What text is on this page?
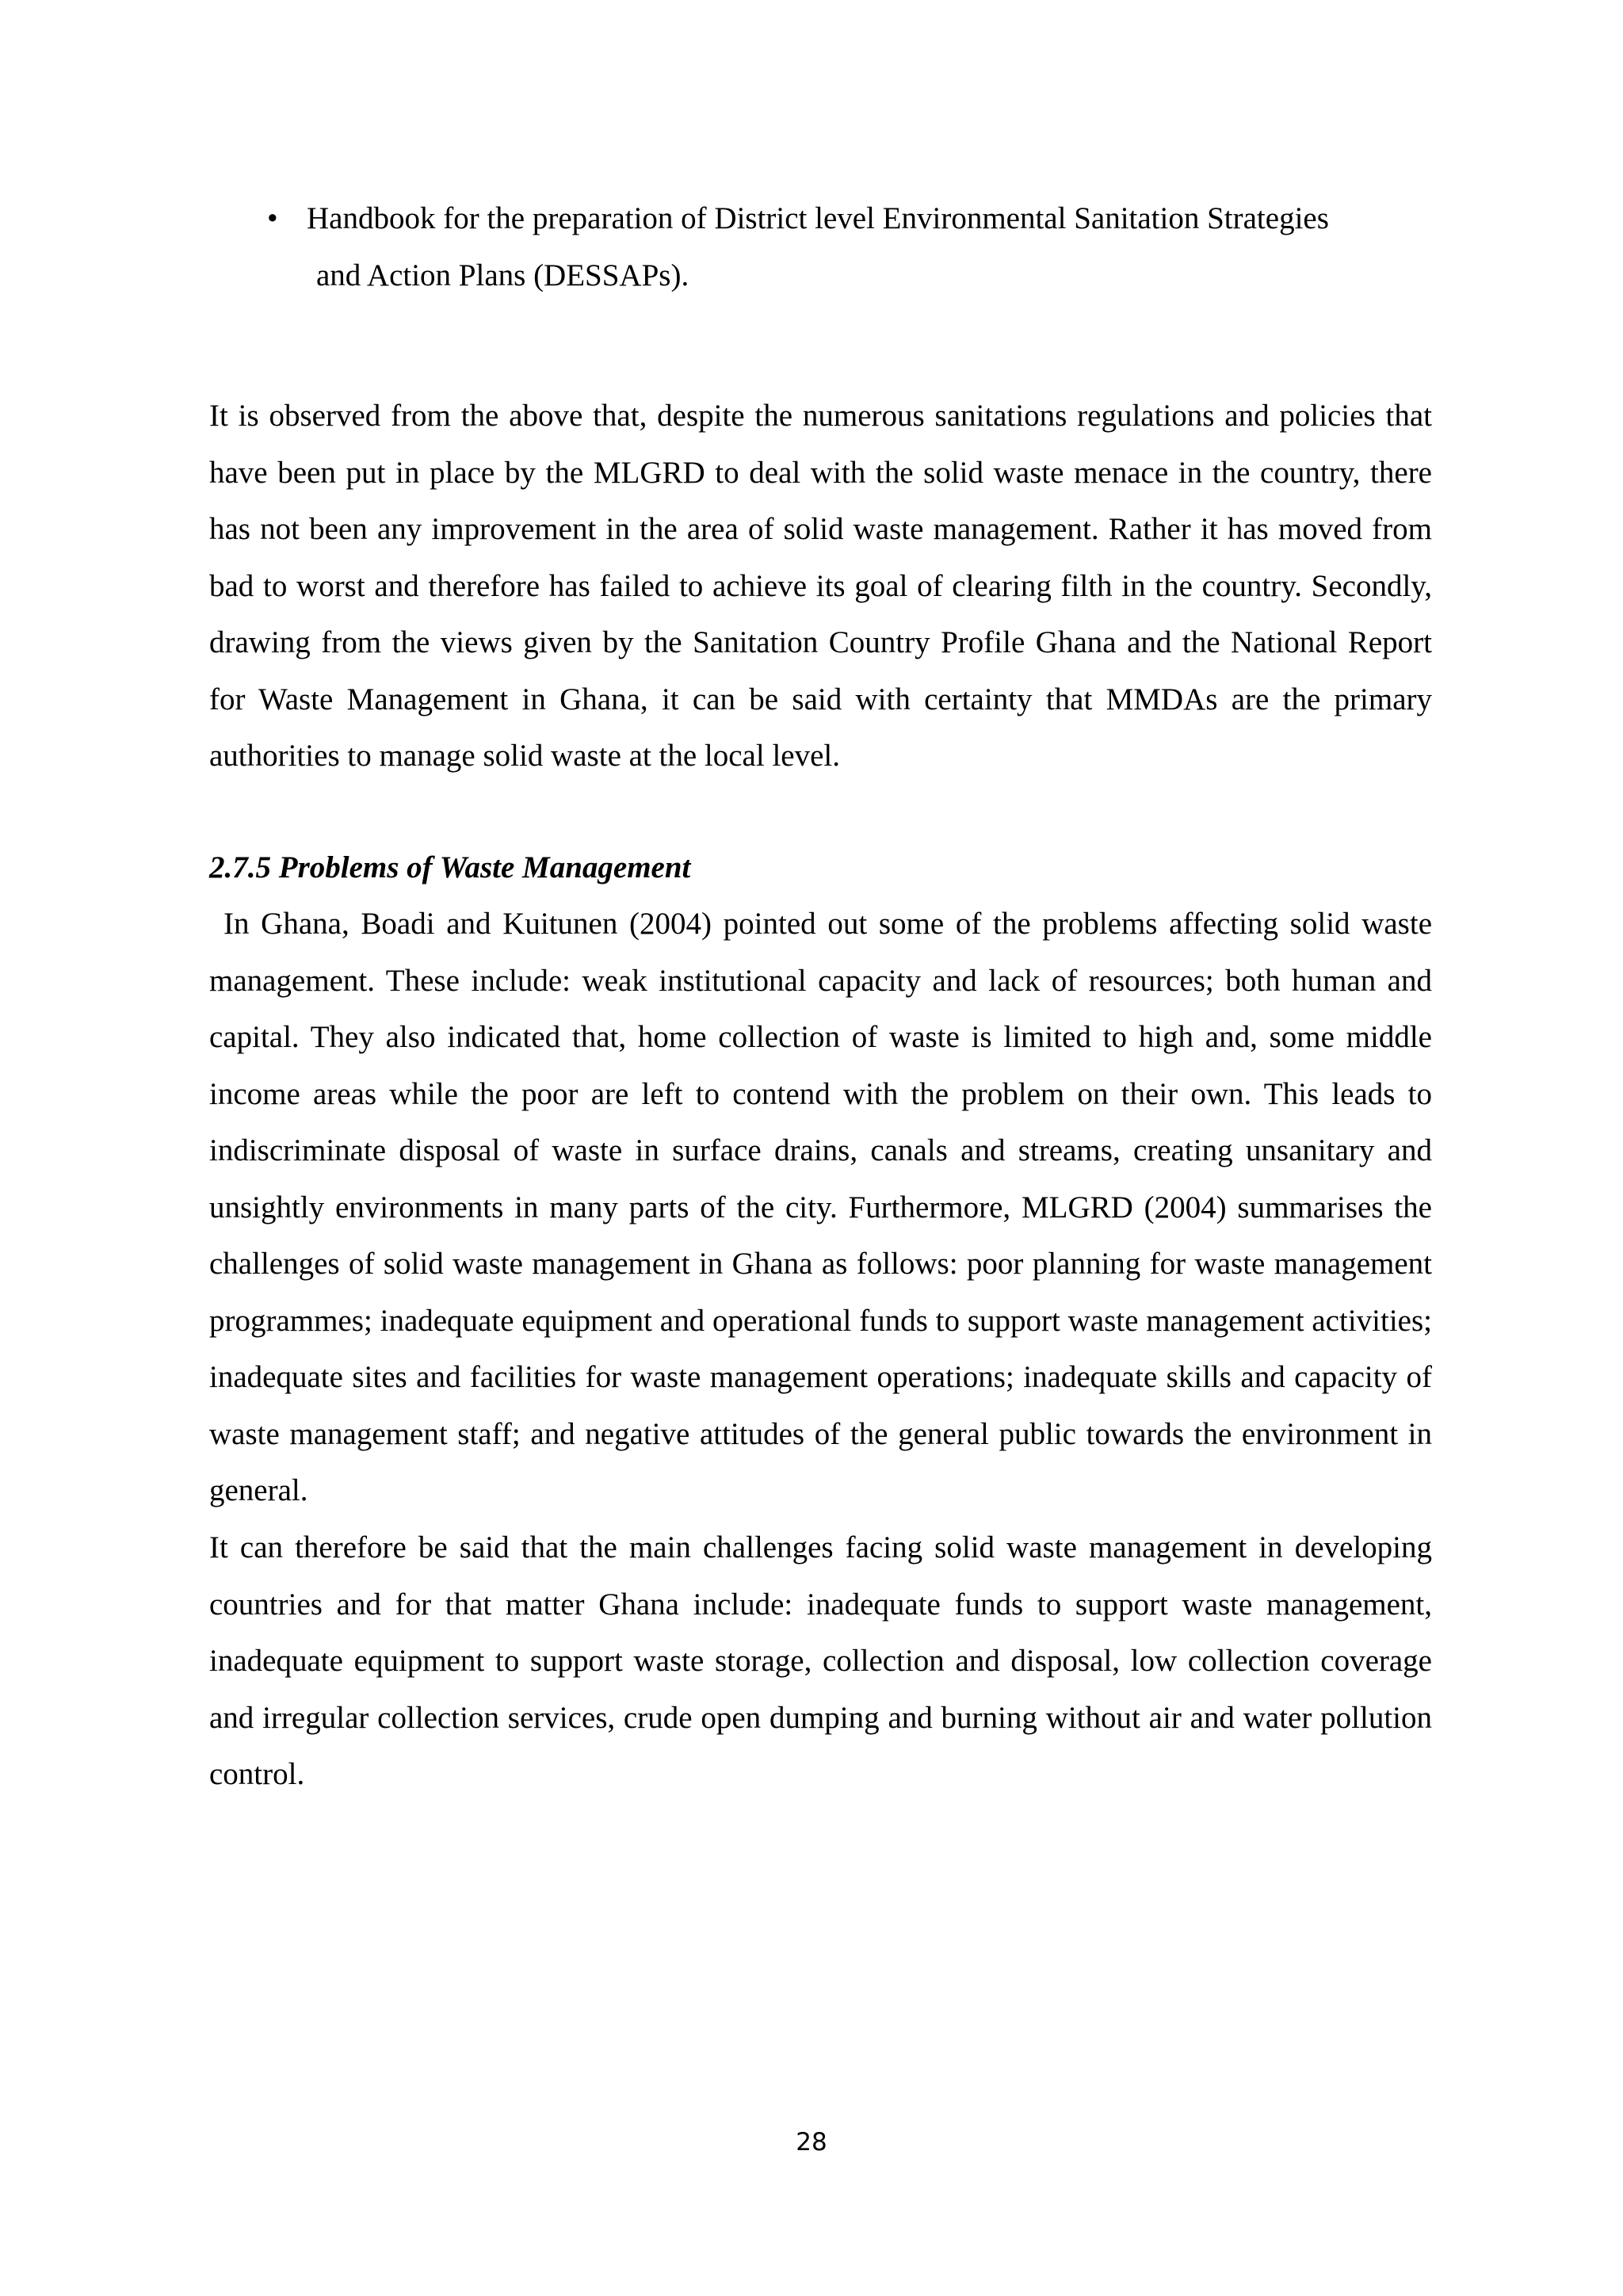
• Handbook for the preparation of District level Environmental Sanitation Strategies
and Action Plans (DESSAPs).

It is observed from the above that, despite the numerous sanitations regulations and policies that have been put in place by the MLGRD to deal with the solid waste menace in the country, there has not been any improvement in the area of solid waste management. Rather it has moved from bad to worst and therefore has failed to achieve its goal of clearing filth in the country. Secondly, drawing from the views given by the Sanitation Country Profile Ghana and the National Report for Waste Management in Ghana, it can be said with certainty that MMDAs are the primary authorities to manage solid waste at the local level.

2.7.5 Problems of Waste Management

In Ghana, Boadi and Kuitunen (2004) pointed out some of the problems affecting solid waste management. These include: weak institutional capacity and lack of resources; both human and capital. They also indicated that, home collection of waste is limited to high and, some middle income areas while the poor are left to contend with the problem on their own. This leads to indiscriminate disposal of waste in surface drains, canals and streams, creating unsanitary and unsightly environments in many parts of the city. Furthermore, MLGRD (2004) summarises the challenges of solid waste management in Ghana as follows: poor planning for waste management programmes; inadequate equipment and operational funds to support waste management activities; inadequate sites and facilities for waste management operations; inadequate skills and capacity of waste management staff; and negative attitudes of the general public towards the environment in general.

It can therefore be said that the main challenges facing solid waste management in developing countries and for that matter Ghana include: inadequate funds to support waste management, inadequate equipment to support waste storage, collection and disposal, low collection coverage and irregular collection services, crude open dumping and burning without air and water pollution control.

28
